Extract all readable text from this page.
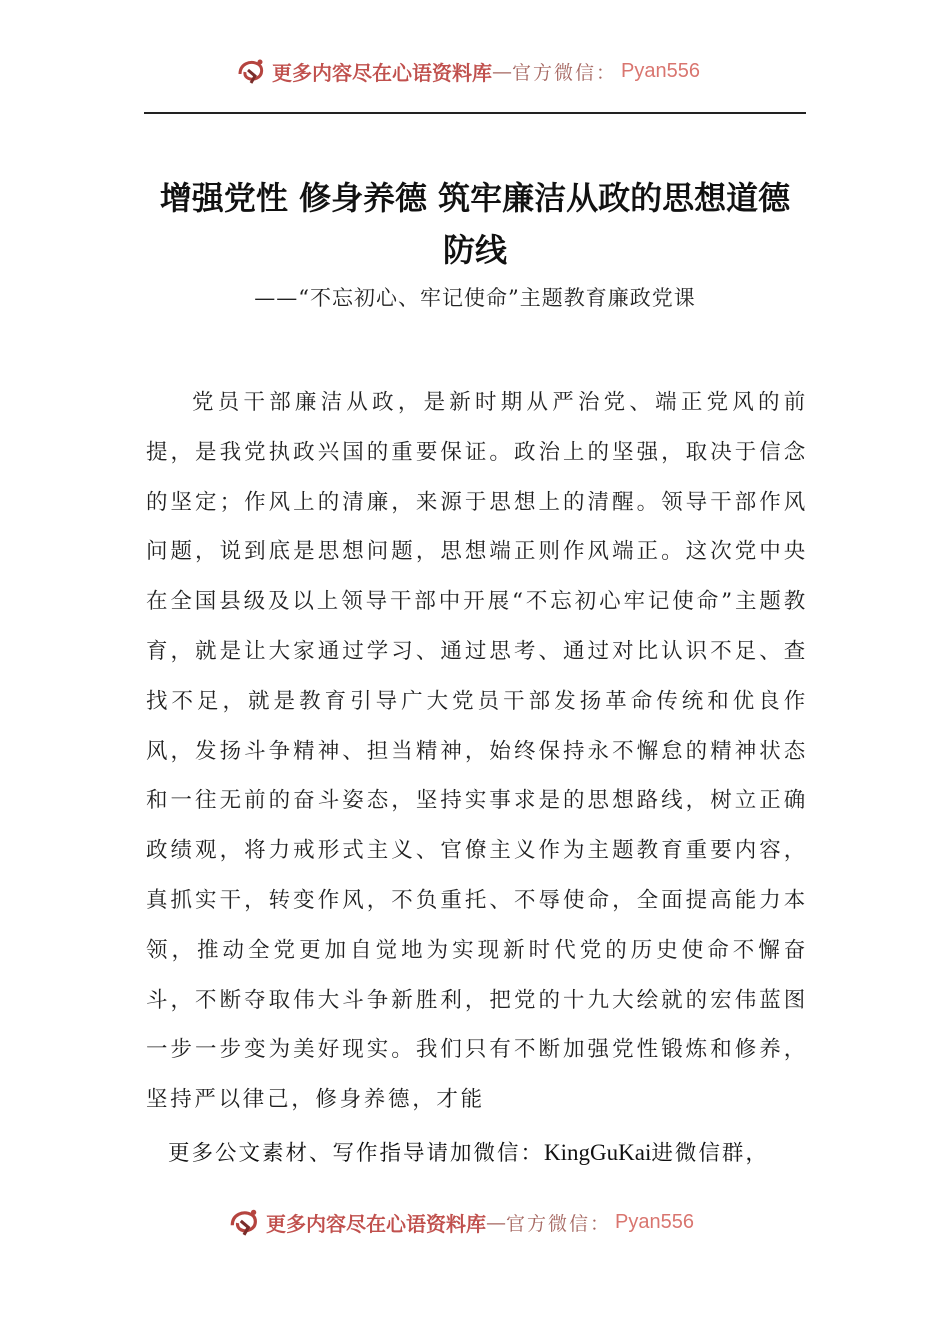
更多内容尽在心语资料库 — 官方微信： Pyan556
增强党性 修身养德 筑牢廉洁从政的思想道德防线
——“不忘初心、牢记使命”主题教育廉政党课

党员干部廉洁从政，是新时期从严治党、端正党风的前提，是我党执政兴国的重要保证。政治上的坚强，取决于信念的坚定；作风上的清廉，来源于思想上的清醒。领导干部作风问题，说到底是思想问题，思想端正则作风端正。这次党中央在全国县级及以上领导干部中开展“不忘初心牢记使命”主题教育，就是让大家通过学习、通过思考、通过对比认识不足、查找不足，就是教育引导广大党员干部发扬革命传统和优良作风，发扬斗争精神、担当精神，始终保持永不懈怠的精神状态和一往无前的奋斗姿态，坚持实事求是的思想路线，树立正确政绩观，将力戒形式主义、官僚主义作为主题教育重要内容，真抓实干，转变作风，不负重托、不辱使命，全面提高能力本领，推动全党更加自觉地为实现新时代党的历史使命不懈奋斗，不断夺取伟大斗争新胜利，把党的十九大绘就的宏伟蓝图一步一步变为美好现实。我们只有不断加强党性锻炼和修养，坚持严以律己，修身养德，才能

更多公文素材、写作指导请加微信：KingGuKai进微信群，
更多内容尽在心语资料库 — 官方微信： Pyan556
